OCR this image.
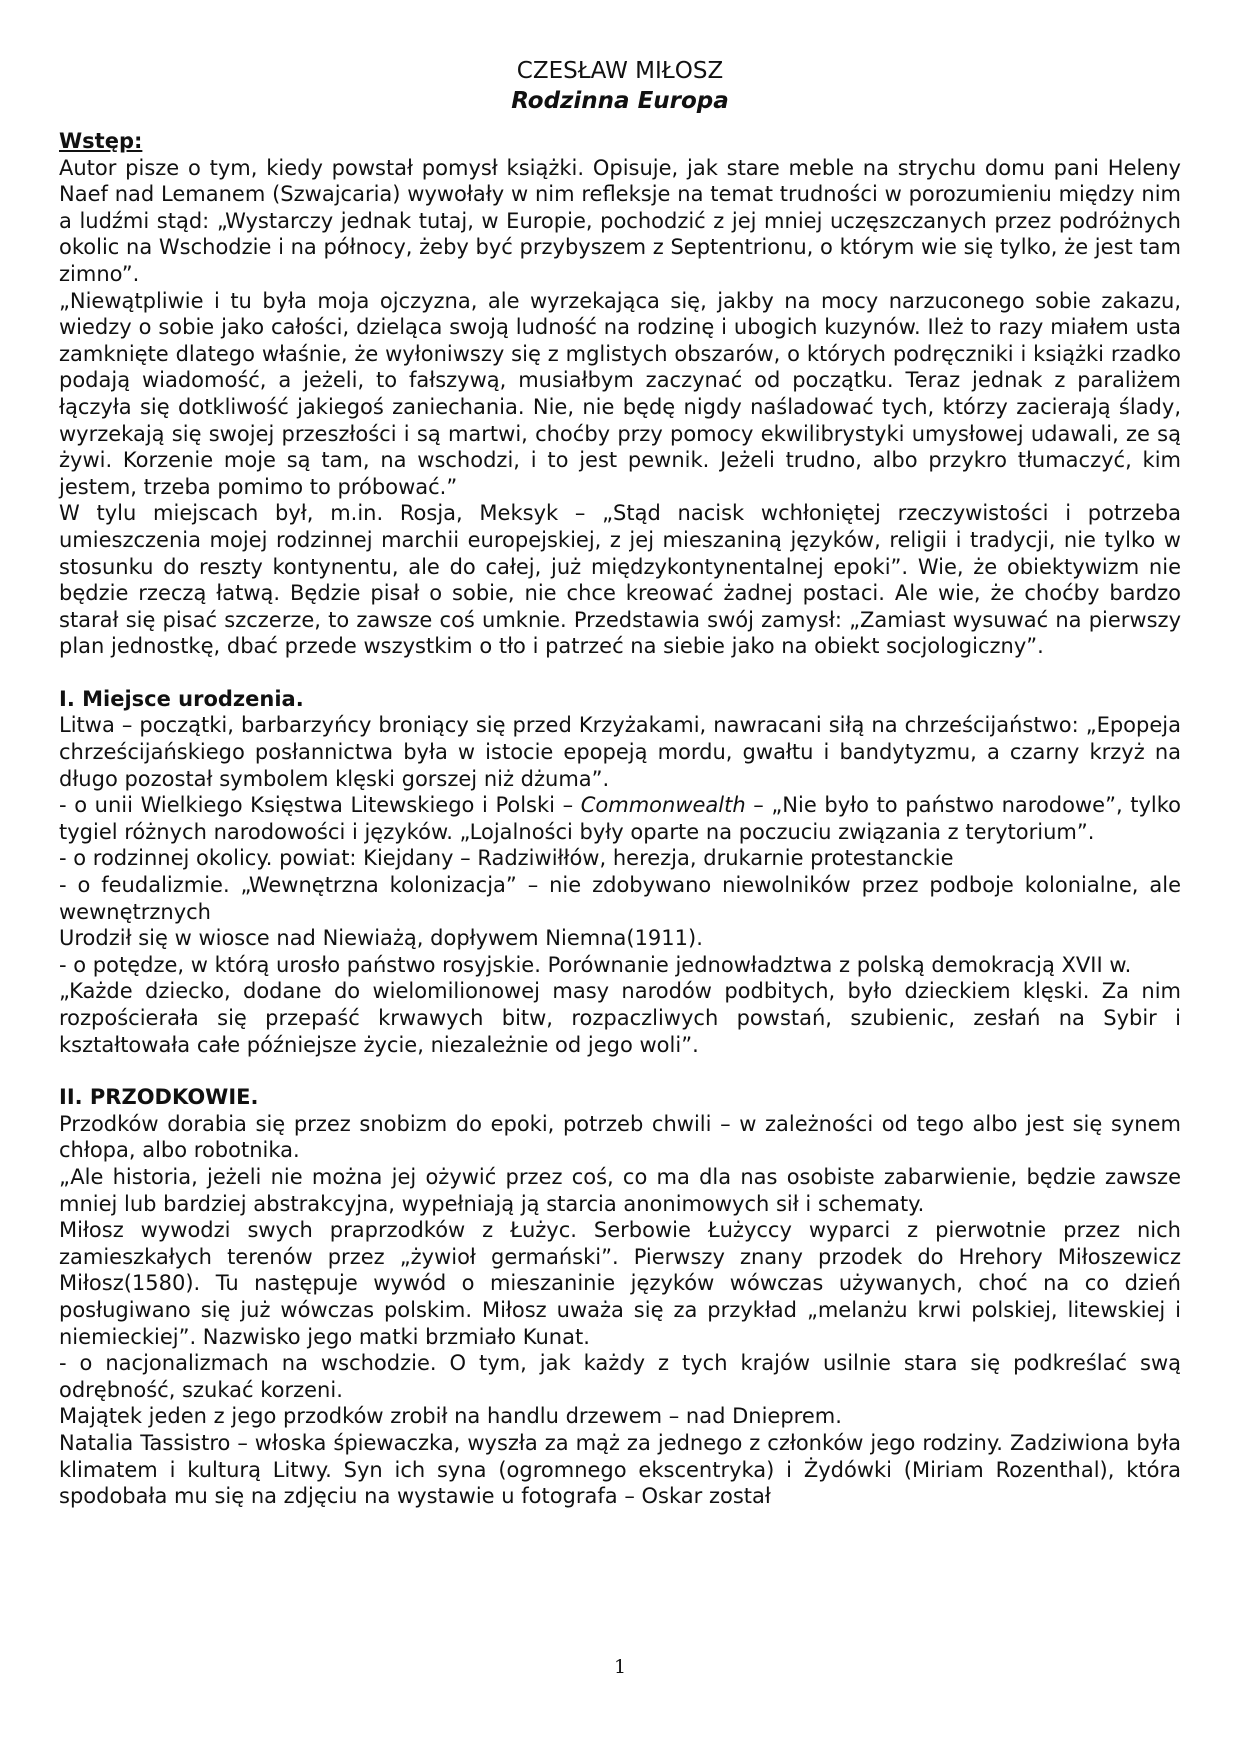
CZESŁAW MIŁOSZ
Rodzinna Europa
Wstęp:

Autor pisze o tym, kiedy powstał pomysł książki. Opisuje, jak stare meble na strychu domu pani Heleny Naef nad Lemanem (Szwajcaria) wywołały w nim refleksje na temat trudności w porozumieniu między nim a ludźmi stąd: „Wystarczy jednak tutaj, w Europie, pochodzić z jej mniej uczęszczanych przez podróżnych okolic na Wschodzie i na północy, żeby być przybyszem z Septentrionu, o którym wie się tylko, że jest tam zimno”.

„Niewątpliwie i tu była moja ojczyzna, ale wyrzekająca się, jakby na mocy narzuconego sobie zakazu, wiedzy o sobie jako całości, dzieląca swoją ludność na rodzinę i ubogich kuzynów. Ileż to razy miałem usta zamknięte dlatego właśnie, że wyłoniwszy się z mglistych obszarów, o których podręczniki i książki rzadko podają wiadomość, a jeżeli, to fałszywą, musiałbym zaczynać od początku. Teraz jednak z paraliżem łączyła się dotkliwość jakiegoś zaniechania. Nie, nie będę nigdy naśladować tych, którzy zacierają ślady, wyrzekają się swojej przeszłości i są martwi, choćby przy pomocy ekwilibrystyki umysłowej udawali, ze są żywi. Korzenie moje są tam, na wschodzi, i to jest pewnik. Jeżeli trudno, albo przykro tłumaczyć, kim jestem, trzeba pomimo to próbować.”

W tylu miejscach był, m.in. Rosja, Meksyk – „Stąd nacisk wchłoniętej rzeczywistości i potrzeba umieszczenia mojej rodzinnej marchii europejskiej, z jej mieszaniną języków, religii i tradycji, nie tylko w stosunku do reszty kontynentu, ale do całej, już międzykontynentalnej epoki”. Wie, że obiektywizm nie będzie rzeczą łatwą. Będzie pisał o sobie, nie chce kreować żadnej postaci. Ale wie, że choćby bardzo starał się pisać szczerze, to zawsze coś umknie. Przedstawia swój zamysł: „Zamiast wysuwać na pierwszy plan jednostkę, dbać przede wszystkim o tło i patrzeć na siebie jako na obiekt socjologiczny”.

I. Miejsce urodzenia.

Litwa – początki, barbarzyńcy broniący się przed Krzyżakami, nawracani siłą na chrześcijaństwo: „Epopeja chrześcijańskiego posłannictwa była w istocie epopeją mordu, gwałtu i bandytyzmu, a czarny krzyż na długo pozostał symbolem klęski gorszej niż dżuma”.

- o unii Wielkiego Księstwa Litewskiego i Polski – Commonwealth – „Nie było to państwo narodowe”, tylko tygiel różnych narodowości i języków. „Lojalności były oparte na poczuciu związania z terytorium”.

- o rodzinnej okolicy. powiat: Kiejdany – Radziwiłłów, herezja, drukarnie protestanckie

- o feudalizmie. „Wewnętrzna kolonizacja” – nie zdobywano niewolników przez podboje kolonialne, ale wewnętrznych

Urodził się w wiosce nad Niewiażą, dopływem Niemna(1911).

- o potędze, w którą urosło państwo rosyjskie. Porównanie jednowładztwa z polską demokracją XVII w.

„Każde dziecko, dodane do wielomilionowej masy narodów podbitych, było dzieckiem klęski. Za nim rozpościerała się przepaść krwawych bitw, rozpaczliwych powstań, szubienic, zesłań na Sybir i kształtowała całe późniejsze życie, niezależnie od jego woli”.

II. PRZODKOWIE.

Przodków dorabia się przez snobizm do epoki, potrzeb chwili – w zależności od tego albo jest się synem chłopa, albo robotnika.

„Ale historia, jeżeli nie można jej ożywić przez coś, co ma dla nas osobiste zabarwienie, będzie zawsze mniej lub bardziej abstrakcyjna, wypełniają ją starcia anonimowych sił i schematy.

Miłosz wywodzi swych praprzodków z Łużyc. Serbowie Łużyccy wyparci z pierwotnie przez nich zamieszkałych terenów przez „żywioł germański”. Pierwszy znany przodek do Hrehory Miłoszewicz Miłosz(1580). Tu następuje wywód o mieszaninie języków wówczas używanych, choć na co dzień posługiwano się już wówczas polskim. Miłosz uważa się za przykład „melanżu krwi polskiej, litewskiej i niemieckiej”. Nazwisko jego matki brzmiało Kunat.

- o nacjonalizmach na wschodzie. O tym, jak każdy z tych krajów usilnie stara się podkreślać swą odrębność, szukać korzeni.

Majątek jeden z jego przodków zrobił na handlu drzewem – nad Dnieprem.

Natalia Tassistro – włoska śpiewaczka, wyszła za mąż za jednego z członków jego rodziny. Zadziwiona była klimatem i kulturą Litwy. Syn ich syna (ogromnego ekscentryka) i Żydówki (Miriam Rozenthal), która spodobała mu się na zdjęciu na wystawie u fotografa – Oskar został

1
